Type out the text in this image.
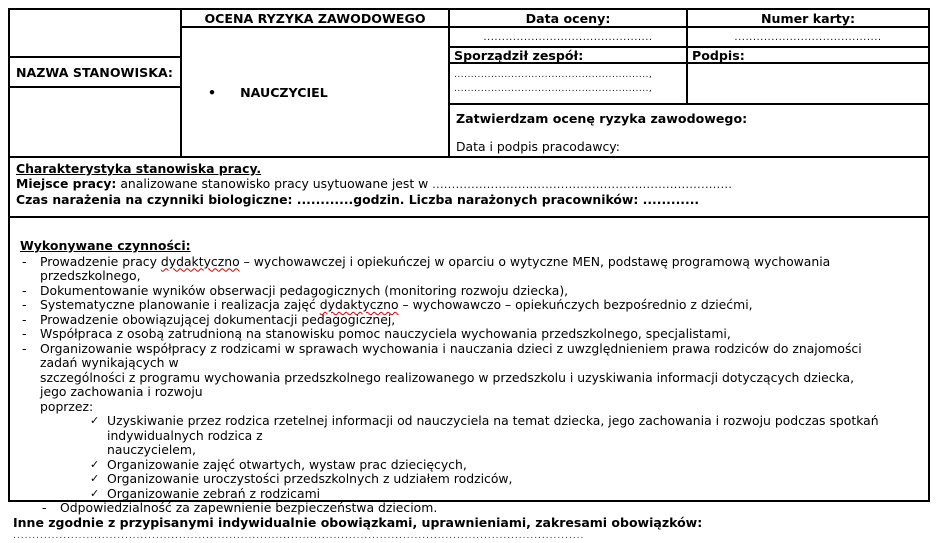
NAZWA STANOWISKA:
OCENA RYZYKA ZAWODOWEGO
• NAUCZYCIEL
Data oceny:	Numer karty:
..............................................	........................................
Sporządził zespół:	Podpis:
..........................................................,
..........................................................,
Zatwierdzam ocenę ryzyka zawodowego:
Data i podpis pracodawcy:
Charakterystyka stanowiska pracy.
Miejsce pracy: analizowane stanowisko pracy usytuowane jest w .............................................................................
Czas narażenia na czynniki biologiczne: ............godzin. Liczba narażonych pracowników: ............
Wykonywane czynności:
-	Prowadzenie pracy dydaktyczno – wychowawczej i opiekuńczej w oparciu o wytyczne MEN, podstawę programową wychowania przedszkolnego,
-	Dokumentowanie wyników obserwacji pedagogicznych (monitoring rozwoju dziecka),
-	Systematyczne planowanie i realizacja zajęć dydaktyczno – wychowawczo – opiekuńczych bezpośrednio z dziećmi,
-	Prowadzenie obowiązującej dokumentacji pedagogicznej,
-	Współpraca z osobą zatrudnioną na stanowisku pomoc nauczyciela wychowania przedszkolnego, specjalistami,
-	Organizowanie współpracy z rodzicami w sprawach wychowania i nauczania dzieci z uwzględnieniem prawa rodziców do znajomości zadań wynikających w
szczególności z programu wychowania przedszkolnego realizowanego w przedszkolu i uzyskiwania informacji dotyczących dziecka, jego zachowania i rozwoju
poprzez:
✓ Uzyskiwanie przez rodzica rzetelnej informacji od nauczyciela na temat dziecka, jego zachowania i rozwoju podczas spotkań indywidualnych rodzica z
nauczycielem,
✓ Organizowanie zajęć otwartych, wystaw prac dziecięcych,
✓ Organizowanie uroczystości przedszkolnych z udziałem rodziców,
✓ Organizowanie zebrań z rodzicami
-	Odpowiedzialność za zapewnienie bezpieczeństwa dzieciom.
Inne zgodnie z przypisanymi indywidualnie obowiązkami, uprawnieniami, zakresami obowiązków:
....................................................................................................................................................
